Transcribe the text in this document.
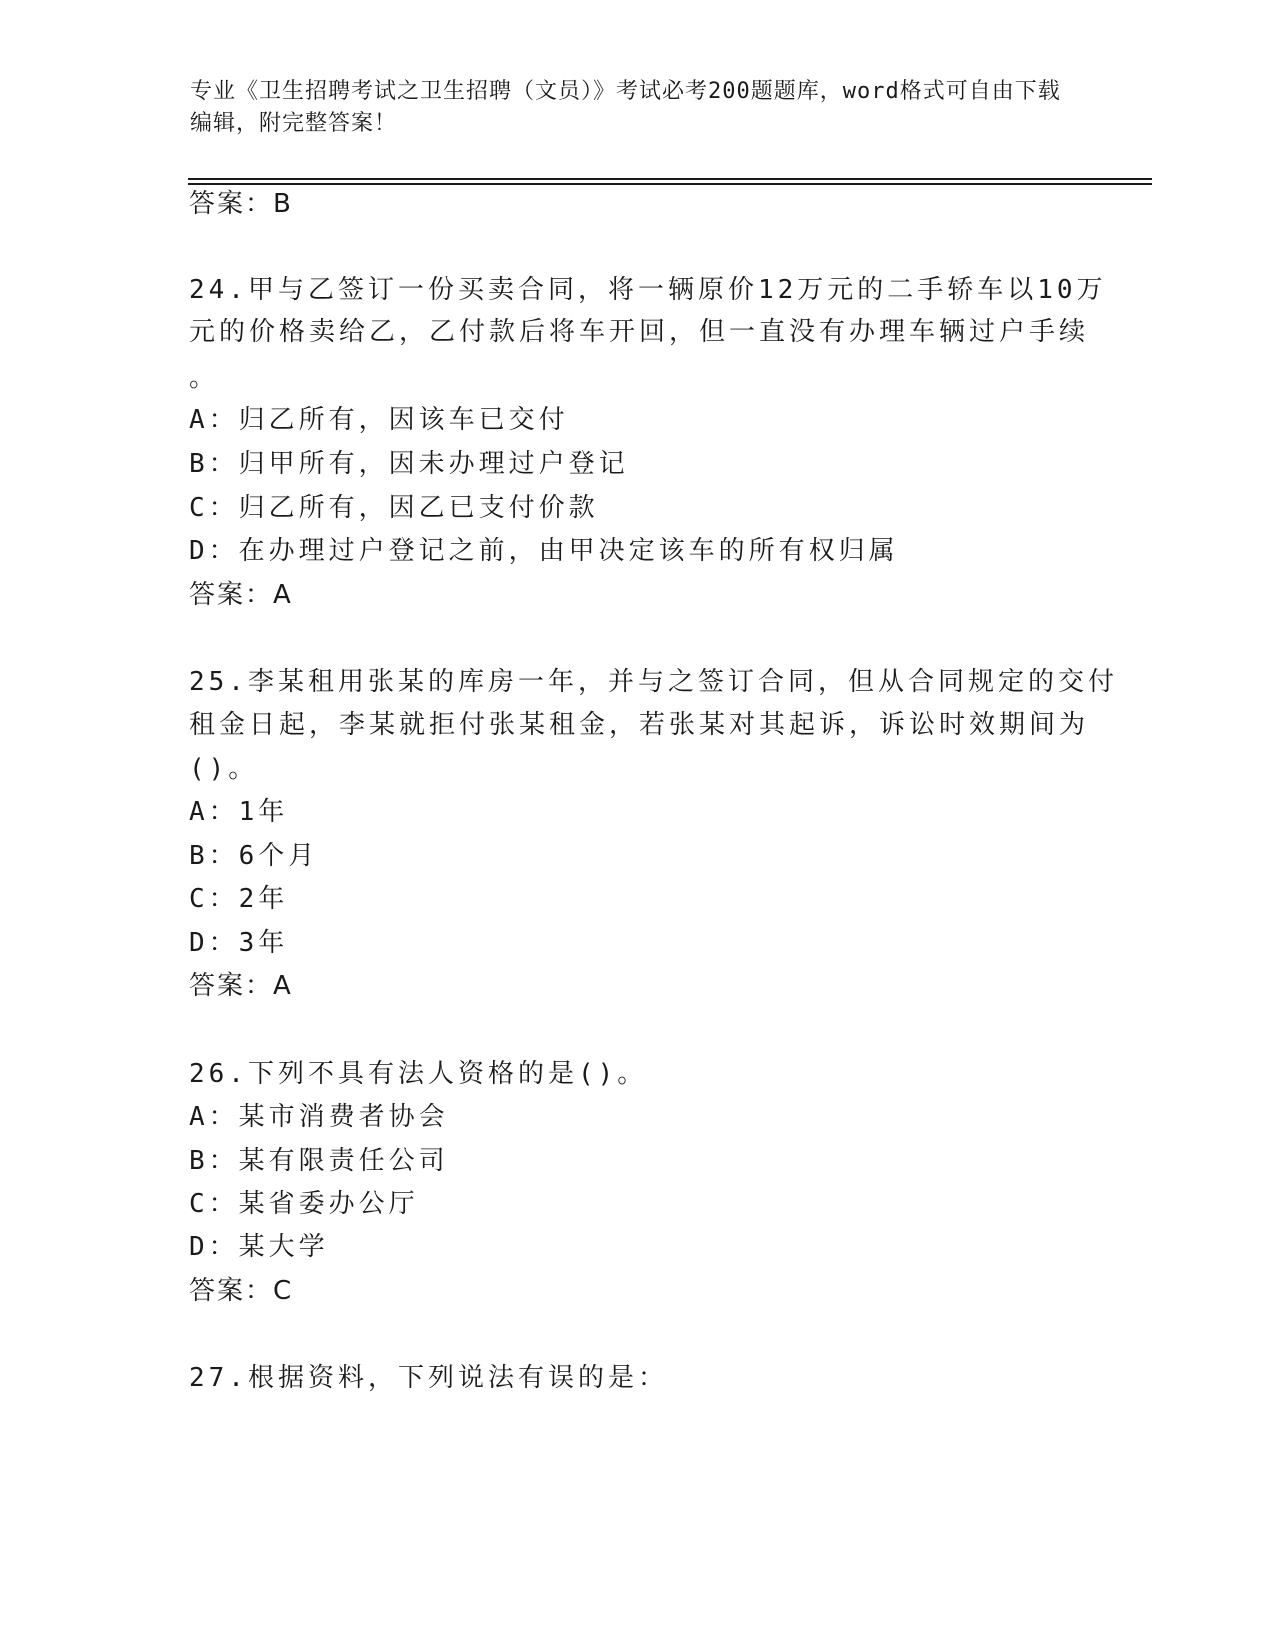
专业《卫生招聘考试之卫生招聘（文员）》考试必考200题题库，word格式可自由下载编辑，附完整答案！
答案：B
24.甲与乙签订一份买卖合同，将一辆原价12万元的二手轿车以10万
元的价格卖给乙，乙付款后将车开回，但一直没有办理车辆过户手续
。
A：归乙所有，因该车已交付
B：归甲所有，因未办理过户登记
C：归乙所有，因乙已支付价款
D：在办理过户登记之前，由甲决定该车的所有权归属
答案：A
25.李某租用张某的库房一年，并与之签订合同，但从合同规定的交付
租金日起，李某就拒付张某租金，若张某对其起诉，诉讼时效期间为
()。
A：1年
B：6个月
C：2年
D：3年
答案：A
26.下列不具有法人资格的是()。
A：某市消费者协会
B：某有限责任公司
C：某省委办公厅
D：某大学
答案：C
27.根据资料，下列说法有误的是：
